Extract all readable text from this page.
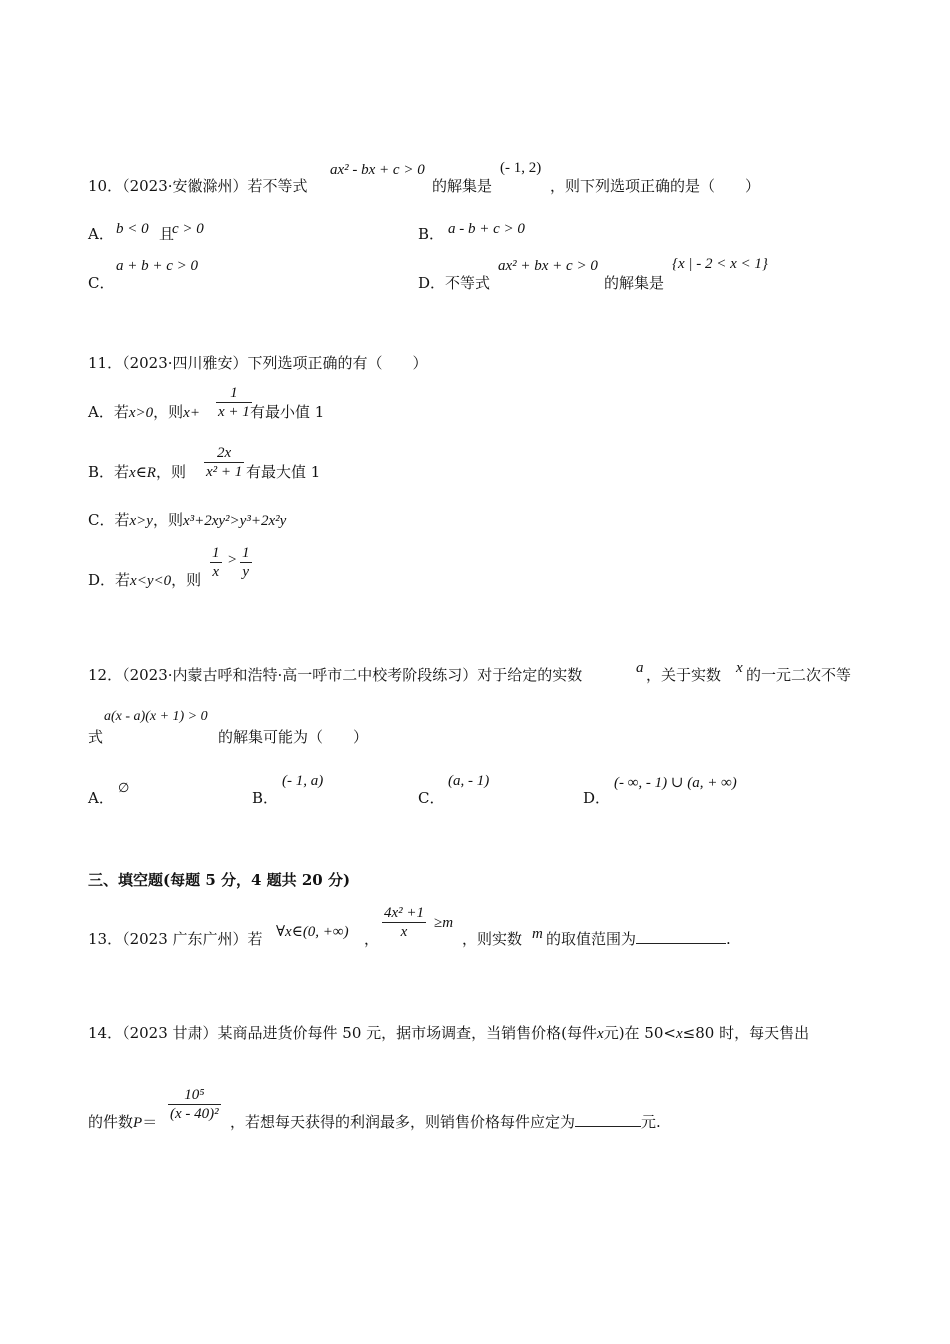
10．（2023·安徽滁州）若不等式
ax² - bx + c > 0
的解集是
(- 1, 2)
，则下列选项正确的是（　　）
A． b < 0 且
c > 0	B． a - b + c > 0
C．
a + b + c > 0
D．不等式
ax² + bx + c > 0
的解集是
{x | - 2 < x < 1}
11．（2023·四川雅安）下列选项正确的有（　　）
A．若x>0，则$x+ \frac{1}{x + 1}$
有最小值 1
B．若x∈R，则 $\frac{2x}{\text{x² + 1}}$ 有最大值 1
C．若x>y，则x³+2xy²>y³+2x²y
D．若x<y<0，则 $\frac{1}{x} > \frac{1}{y}$
12．（2023·内蒙古呼和浩特·高一呼市二中校考阶段练习）对于给定的实数	a ，关于实数 x 的一元二次不等
式
a(x - a)(x + 1) > 0
的解集可能为（　　）
A．
∅
B．
(- 1, a)
C．
(a, - 1)
D．
(- ∞, - 1) ∪ (a, + ∞)
三、填空题(每题 5 分，4 题共 20 分)
13．（2023 广东广州）若 ∀x∈(0, +∞) ， $\frac{\text{4x² +1}}{x} \ge m$
，则实数 m 的取值范围为	.
14．（2023 甘肃）某商品进货价每件 50 元，据市场调查，当销售价格(每件x元)在 50<x≤80 时，每天售出
的件数$P= \frac{\text{10⁵}}{\text{(x - 40)²}}$ ，若想每天获得的利润最多，则销售价格每件应定为	元.
